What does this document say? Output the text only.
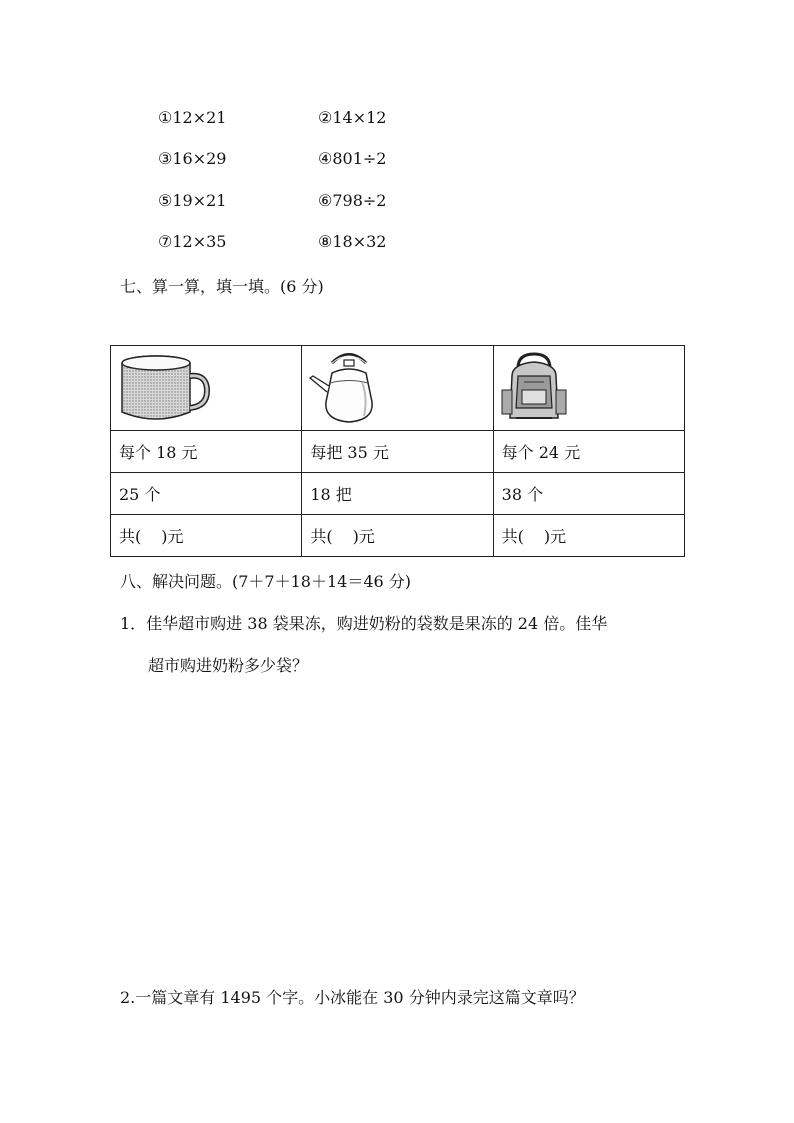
①12×21	②14×12
③16×29	④801÷2
⑤19×21	⑥798÷2
⑦12×35	⑧18×32
七、算一算，填一填。(6 分)

每个 18 元	每把 35 元	每个 24 元
25 个	18 把	38 个
共( )元	共( )元	共( )元
八、解决问题。(7＋7＋18＋14＝46 分)
1．佳华超市购进 38 袋果冻，购进奶粉的袋数是果冻的 24 倍。佳华
超市购进奶粉多少袋？
2.一篇文章有 1495 个字。小冰能在 30 分钟内录完这篇文章吗？
